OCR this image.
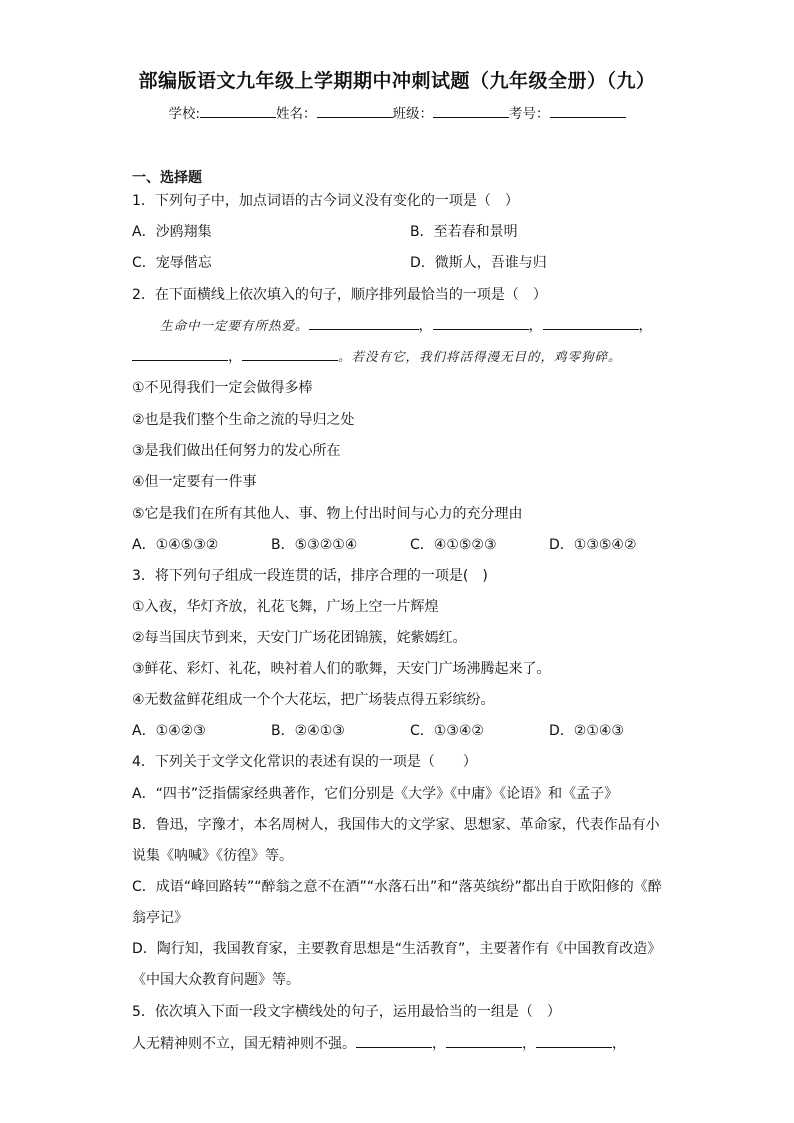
部编版语文九年级上学期期中冲刺试题（九年级全册）（九）
学校:	姓名：	班级：	考号：
一、选择题
1．下列句子中，加点词语的古今词义没有变化的一项是（　）
A．沙鸥翔集	B．至若春和景明
C．宠辱偕忘	D．微斯人，吾谁与归
2．在下面横线上依次填入的句子，顺序排列最恰当的一项是（　）
生命中一定要有所热爱。	，	，	，
，	。若没有它，我们将活得漫无目的，鸡零狗碎。
①不见得我们一定会做得多棒
②也是我们整个生命之流的导归之处
③是我们做出任何努力的发心所在
④但一定要有一件事
⑤它是我们在所有其他人、事、物上付出时间与心力的充分理由
A．①④⑤③②	B．⑤③②①④	C．④①⑤②③	D．①③⑤④②
3．将下列句子组成一段连贯的话，排序合理的一项是(　)
①入夜，华灯齐放，礼花飞舞，广场上空一片辉煌
②每当国庆节到来，天安门广场花团锦簇，姹紫嫣红。
③鲜花、彩灯、礼花，映衬着人们的歌舞，天安门广场沸腾起来了。
④无数盆鲜花组成一个个大花坛，把广场装点得五彩缤纷。
A．①④②③	B．②④①③	C．①③④②	D．②①④③
4．下列关于文学文化常识的表述有误的一项是（　　）
A．“四书”泛指儒家经典著作，它们分别是《大学》《中庸》《论语》和《孟子》
B．鲁迅，字豫才，本名周树人，我国伟大的文学家、思想家、革命家，代表作品有小
说集《呐喊》《彷徨》等。
C．成语“峰回路转”“醉翁之意不在酒”“水落石出”和“落英缤纷”都出自于欧阳修的《醉
翁亭记》
D．陶行知，我国教育家，主要教育思想是“生活教育”，主要著作有《中国教育改造》
《中国大众教育问题》等。
5．依次填入下面一段文字横线处的句子，运用最恰当的一组是（　）
人无精神则不立，国无精神则不强。	，	，	，
